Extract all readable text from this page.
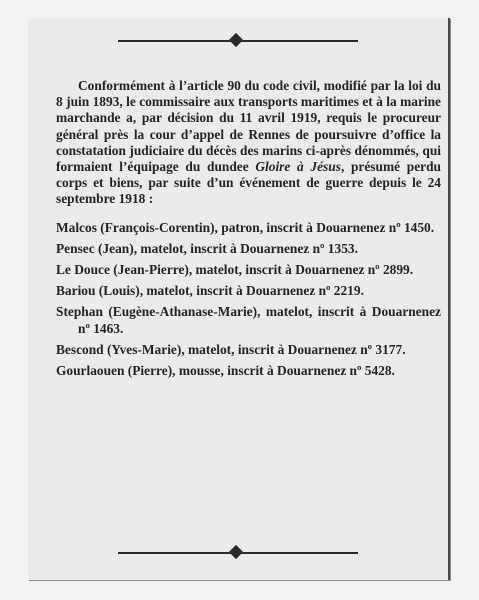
Conformément à l’article 90 du code civil, modifié par la loi du 8 juin 1893, le commissaire aux transports maritimes et à la marine marchande a, par décision du 11 avril 1919, requis le procureur général près la cour d’appel de Rennes de poursuivre d’office la constatation judiciaire du décès des marins ci-après dénommés, qui formaient l’équipage du dundee Gloire à Jésus, présumé perdu corps et biens, par suite d’un événement de guerre depuis le 24 septembre 1918 :

Malcos (François-Corentin), patron, inscrit à Douarnenez nº 1450.

Pensec (Jean), matelot, inscrit à Douarnenez nº 1353.

Le Douce (Jean-Pierre), matelot, inscrit à Douarnenez nº 2899.

Bariou (Louis), matelot, inscrit à Douarnenez nº 2219.

Stephan (Eugène-Athanase-Marie), matelot, inscrit à Douarnenez nº 1463.

Bescond (Yves-Marie), matelot, inscrit à Douarnenez nº 3177.

Gourlaouen (Pierre), mousse, inscrit à Douarnenez nº 5428.
